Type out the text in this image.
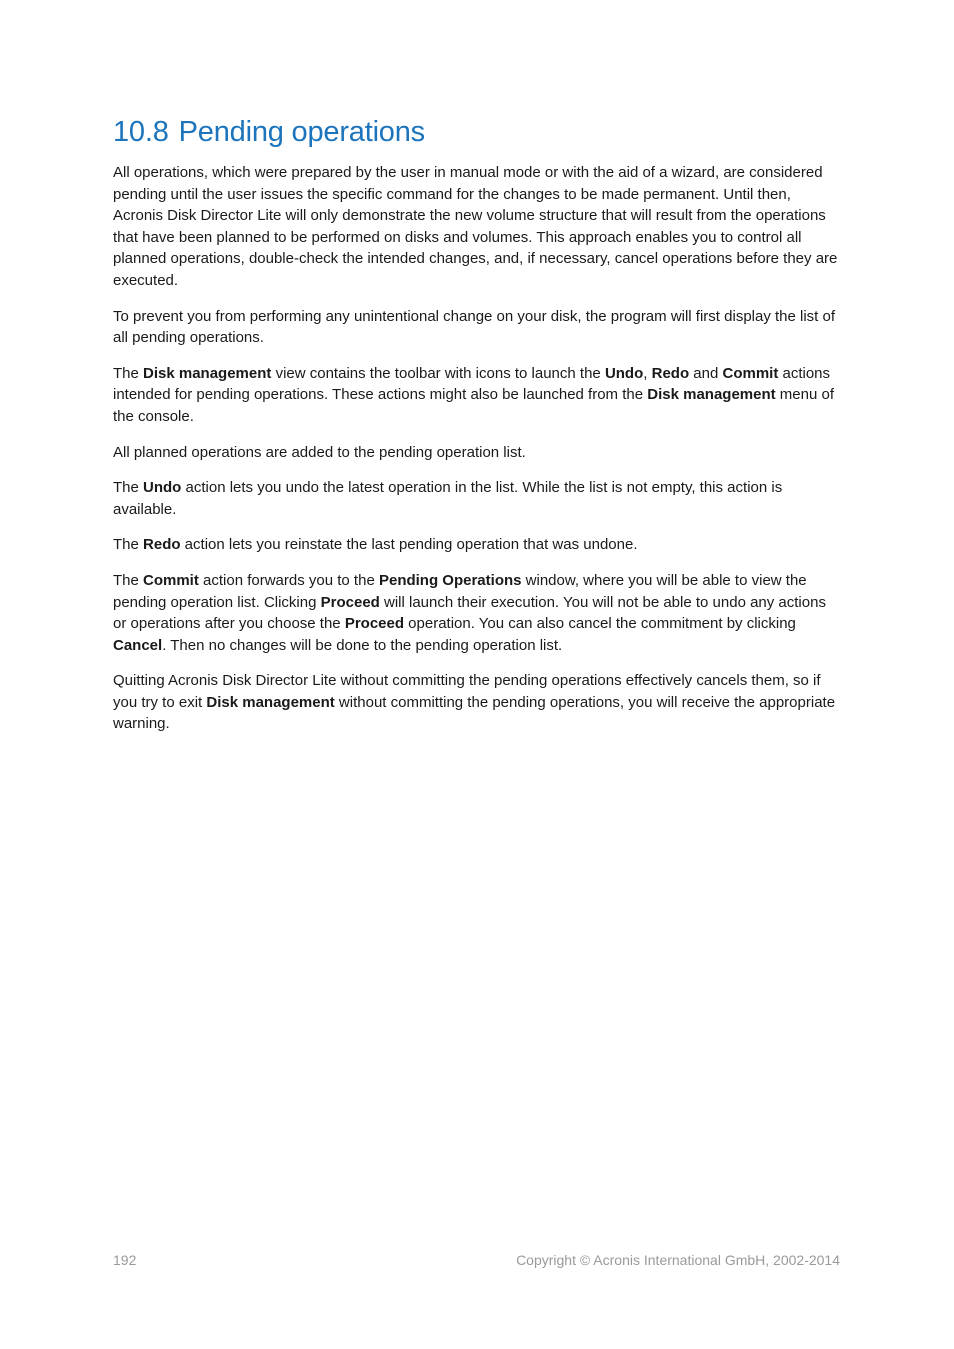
10.8 Pending operations

All operations, which were prepared by the user in manual mode or with the aid of a wizard, are considered pending until the user issues the specific command for the changes to be made permanent. Until then, Acronis Disk Director Lite will only demonstrate the new volume structure that will result from the operations that have been planned to be performed on disks and volumes. This approach enables you to control all planned operations, double-check the intended changes, and, if necessary, cancel operations before they are executed.

To prevent you from performing any unintentional change on your disk, the program will first display the list of all pending operations.

The Disk management view contains the toolbar with icons to launch the Undo, Redo and Commit actions intended for pending operations. These actions might also be launched from the Disk management menu of the console.

All planned operations are added to the pending operation list.

The Undo action lets you undo the latest operation in the list. While the list is not empty, this action is available.

The Redo action lets you reinstate the last pending operation that was undone.

The Commit action forwards you to the Pending Operations window, where you will be able to view the pending operation list. Clicking Proceed will launch their execution. You will not be able to undo any actions or operations after you choose the Proceed operation. You can also cancel the commitment by clicking Cancel. Then no changes will be done to the pending operation list.

Quitting Acronis Disk Director Lite without committing the pending operations effectively cancels them, so if you try to exit Disk management without committing the pending operations, you will receive the appropriate warning.

192	Copyright © Acronis International GmbH, 2002-2014
